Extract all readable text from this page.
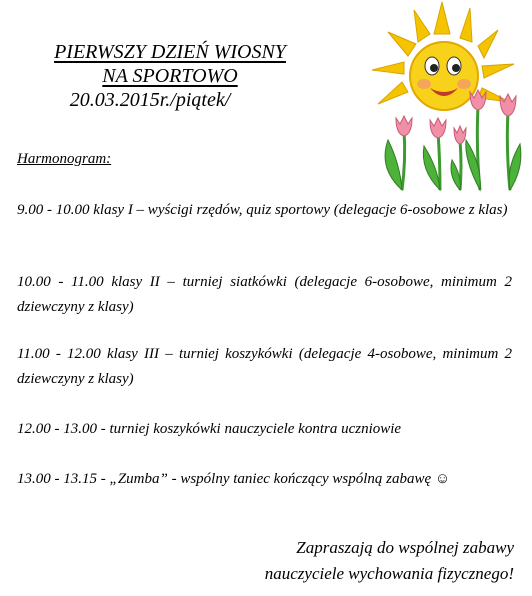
PIERWSZY DZIEŃ WIOSNY
NA SPORTOWO
20.03.2015r./piątek/

Harmonogram:

9.00 - 10.00 klasy I – wyścigi rzędów, quiz sportowy (delegacje 6-osobowe z klas)

10.00 - 11.00 klasy II – turniej siatkówki (delegacje 6-osobowe, minimum 2 dziewczyny z klasy)

11.00 - 12.00 klasy III – turniej koszykówki (delegacje 4-osobowe, minimum 2 dziewczyny z klasy)

12.00 - 13.00 - turniej koszykówki nauczyciele kontra uczniowie

13.00 - 13.15 - „Zumba” - wspólny taniec kończący wspólną zabawę ☺

Zapraszają do wspólnej zabawy

nauczyciele wychowania fizycznego!
